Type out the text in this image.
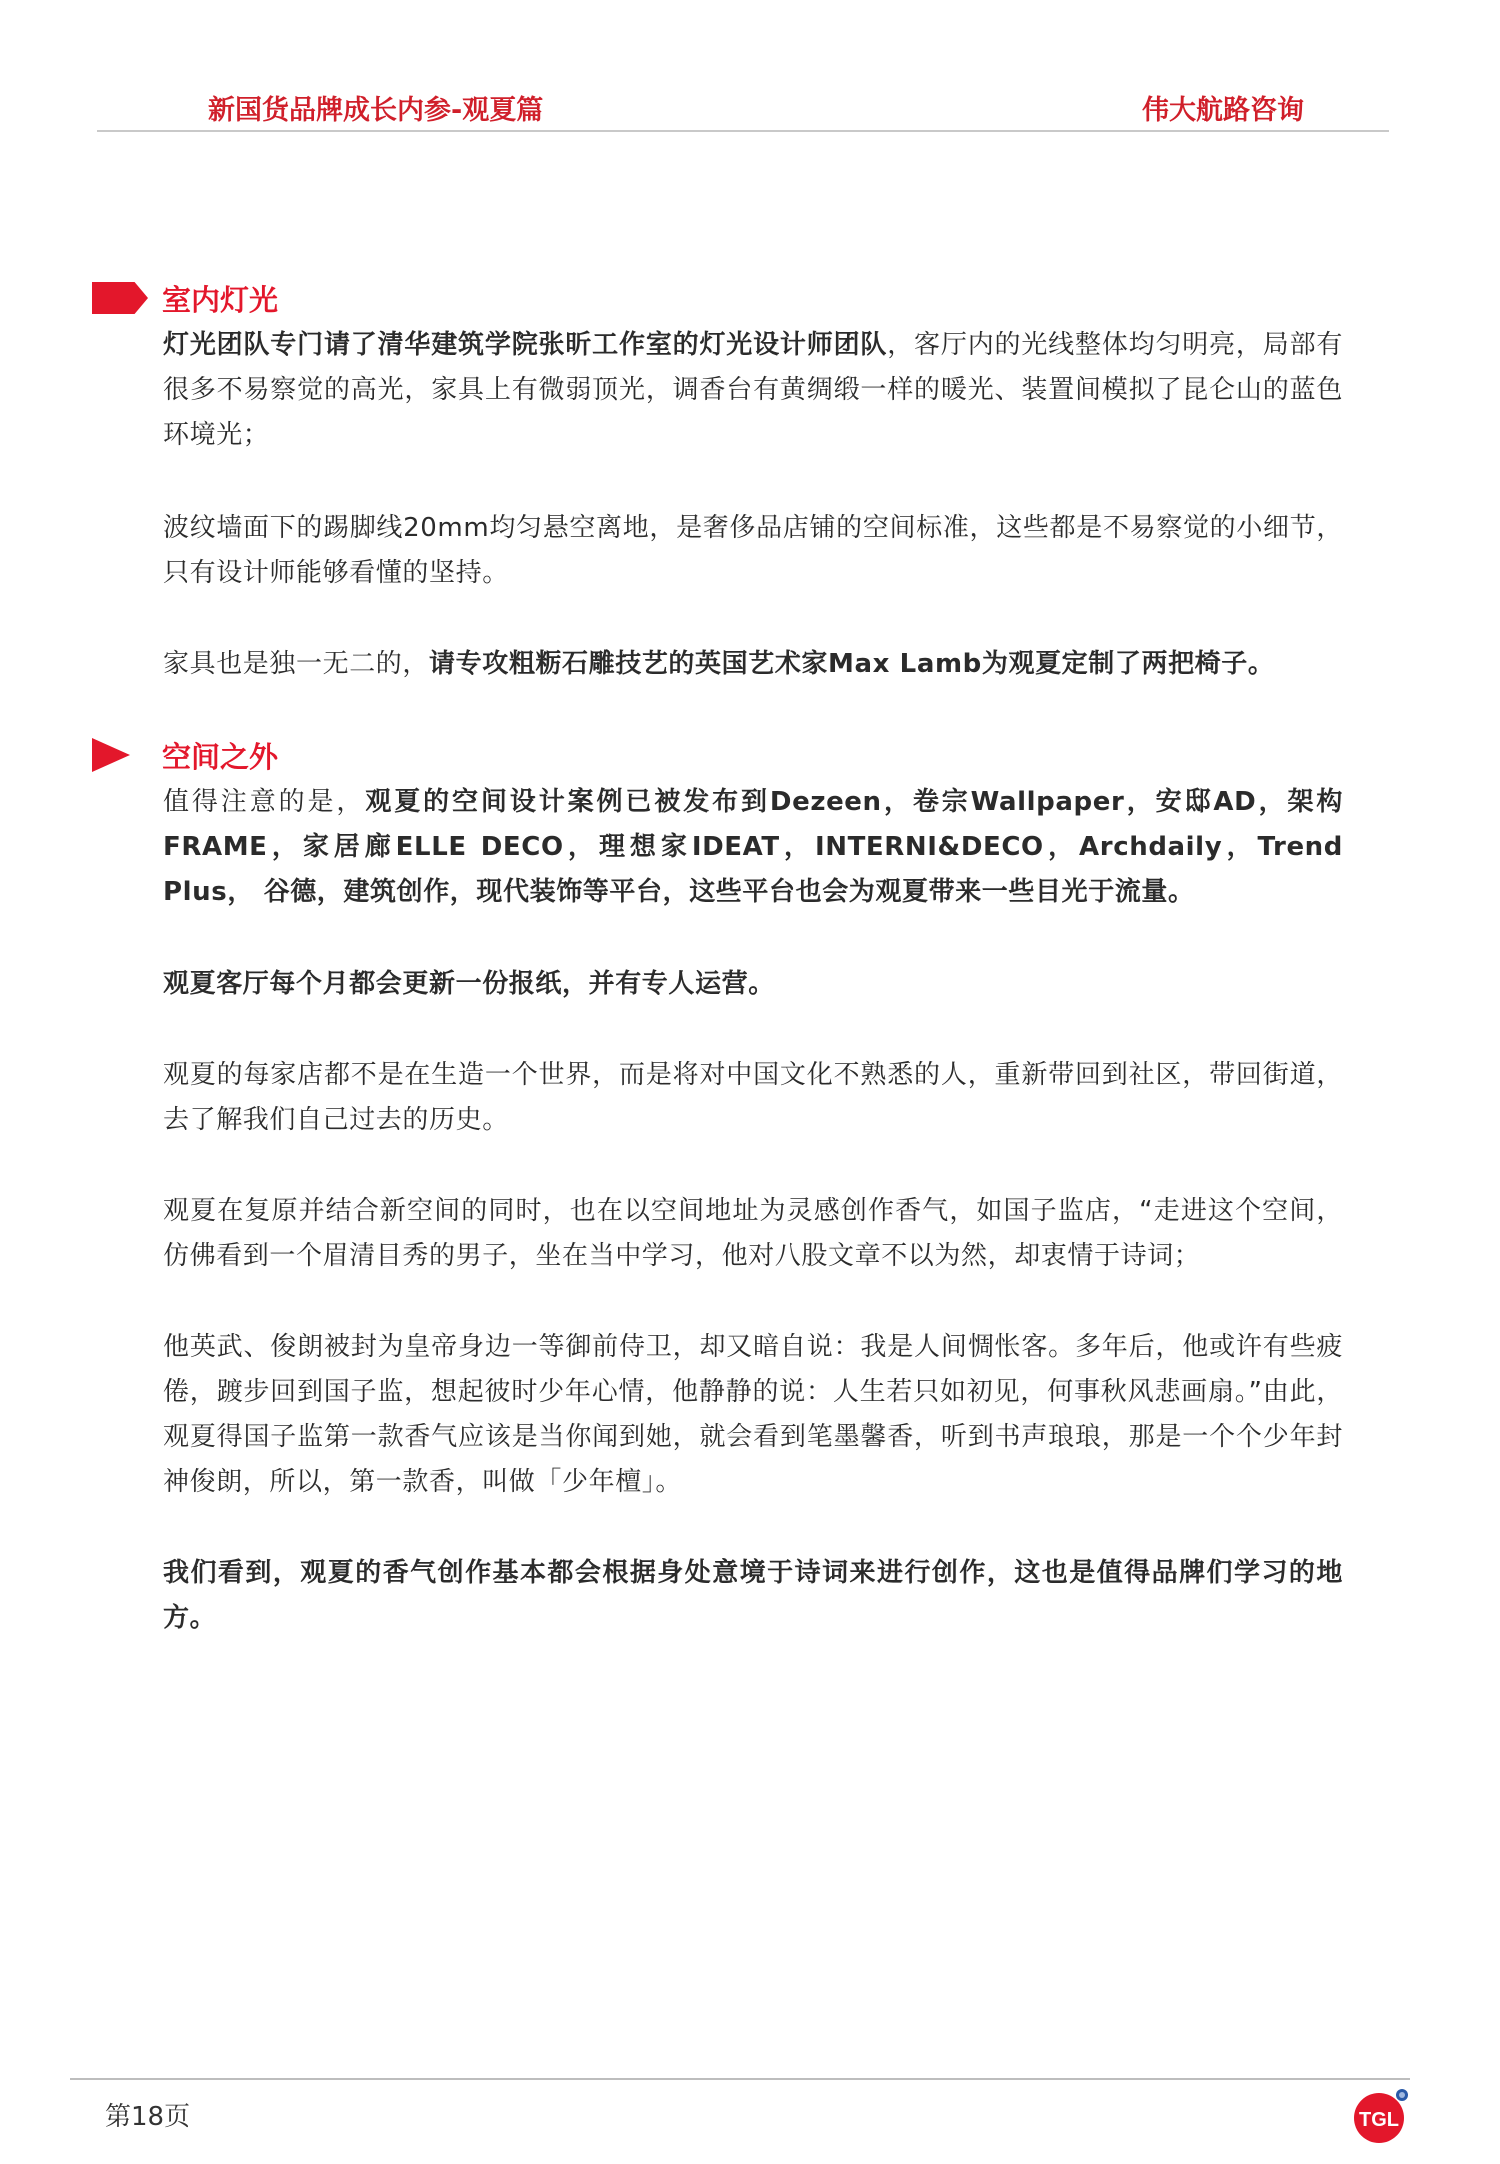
新国货品牌成长内参-观夏篇	伟大航路咨询
室内灯光

灯光团队专门请了清华建筑学院张昕工作室的灯光设计师团队，客厅内的光线整体均匀明亮，局部有很多不易察觉的高光，家具上有微弱顶光，调香台有黄绸缎一样的暖光、装置间模拟了昆仑山的蓝色环境光；

波纹墙面下的踢脚线20mm均匀悬空离地，是奢侈品店铺的空间标准，这些都是不易察觉的小细节，只有设计师能够看懂的坚持。

家具也是独一无二的，请专攻粗粝石雕技艺的英国艺术家Max Lamb为观夏定制了两把椅子。

空间之外

值得注意的是，观夏的空间设计案例已被发布到Dezeen，卷宗Wallpaper，安邸AD，架构FRAME，家居廊ELLE DECO，理想家IDEAT，INTERNI&DECO，Archdaily，Trend Plus， 谷德，建筑创作，现代装饰等平台，这些平台也会为观夏带来一些目光于流量。

观夏客厅每个月都会更新一份报纸，并有专人运营。

观夏的每家店都不是在生造一个世界，而是将对中国文化不熟悉的人，重新带回到社区，带回街道，去了解我们自己过去的历史。

观夏在复原并结合新空间的同时，也在以空间地址为灵感创作香气，如国子监店，“走进这个空间，仿佛看到一个眉清目秀的男子，坐在当中学习，他对八股文章不以为然，却衷情于诗词；

他英武、俊朗被封为皇帝身边一等御前侍卫，却又暗自说：我是人间惆怅客。多年后，他或许有些疲倦，踱步回到国子监，想起彼时少年心情，他静静的说：人生若只如初见，何事秋风悲画扇。”由此，观夏得国子监第一款香气应该是当你闻到她，就会看到笔墨馨香，听到书声琅琅，那是一个个少年封神俊朗，所以，第一款香，叫做「少年檀」。

我们看到，观夏的香气创作基本都会根据身处意境于诗词来进行创作，这也是值得品牌们学习的地方。

第18页	TGL
